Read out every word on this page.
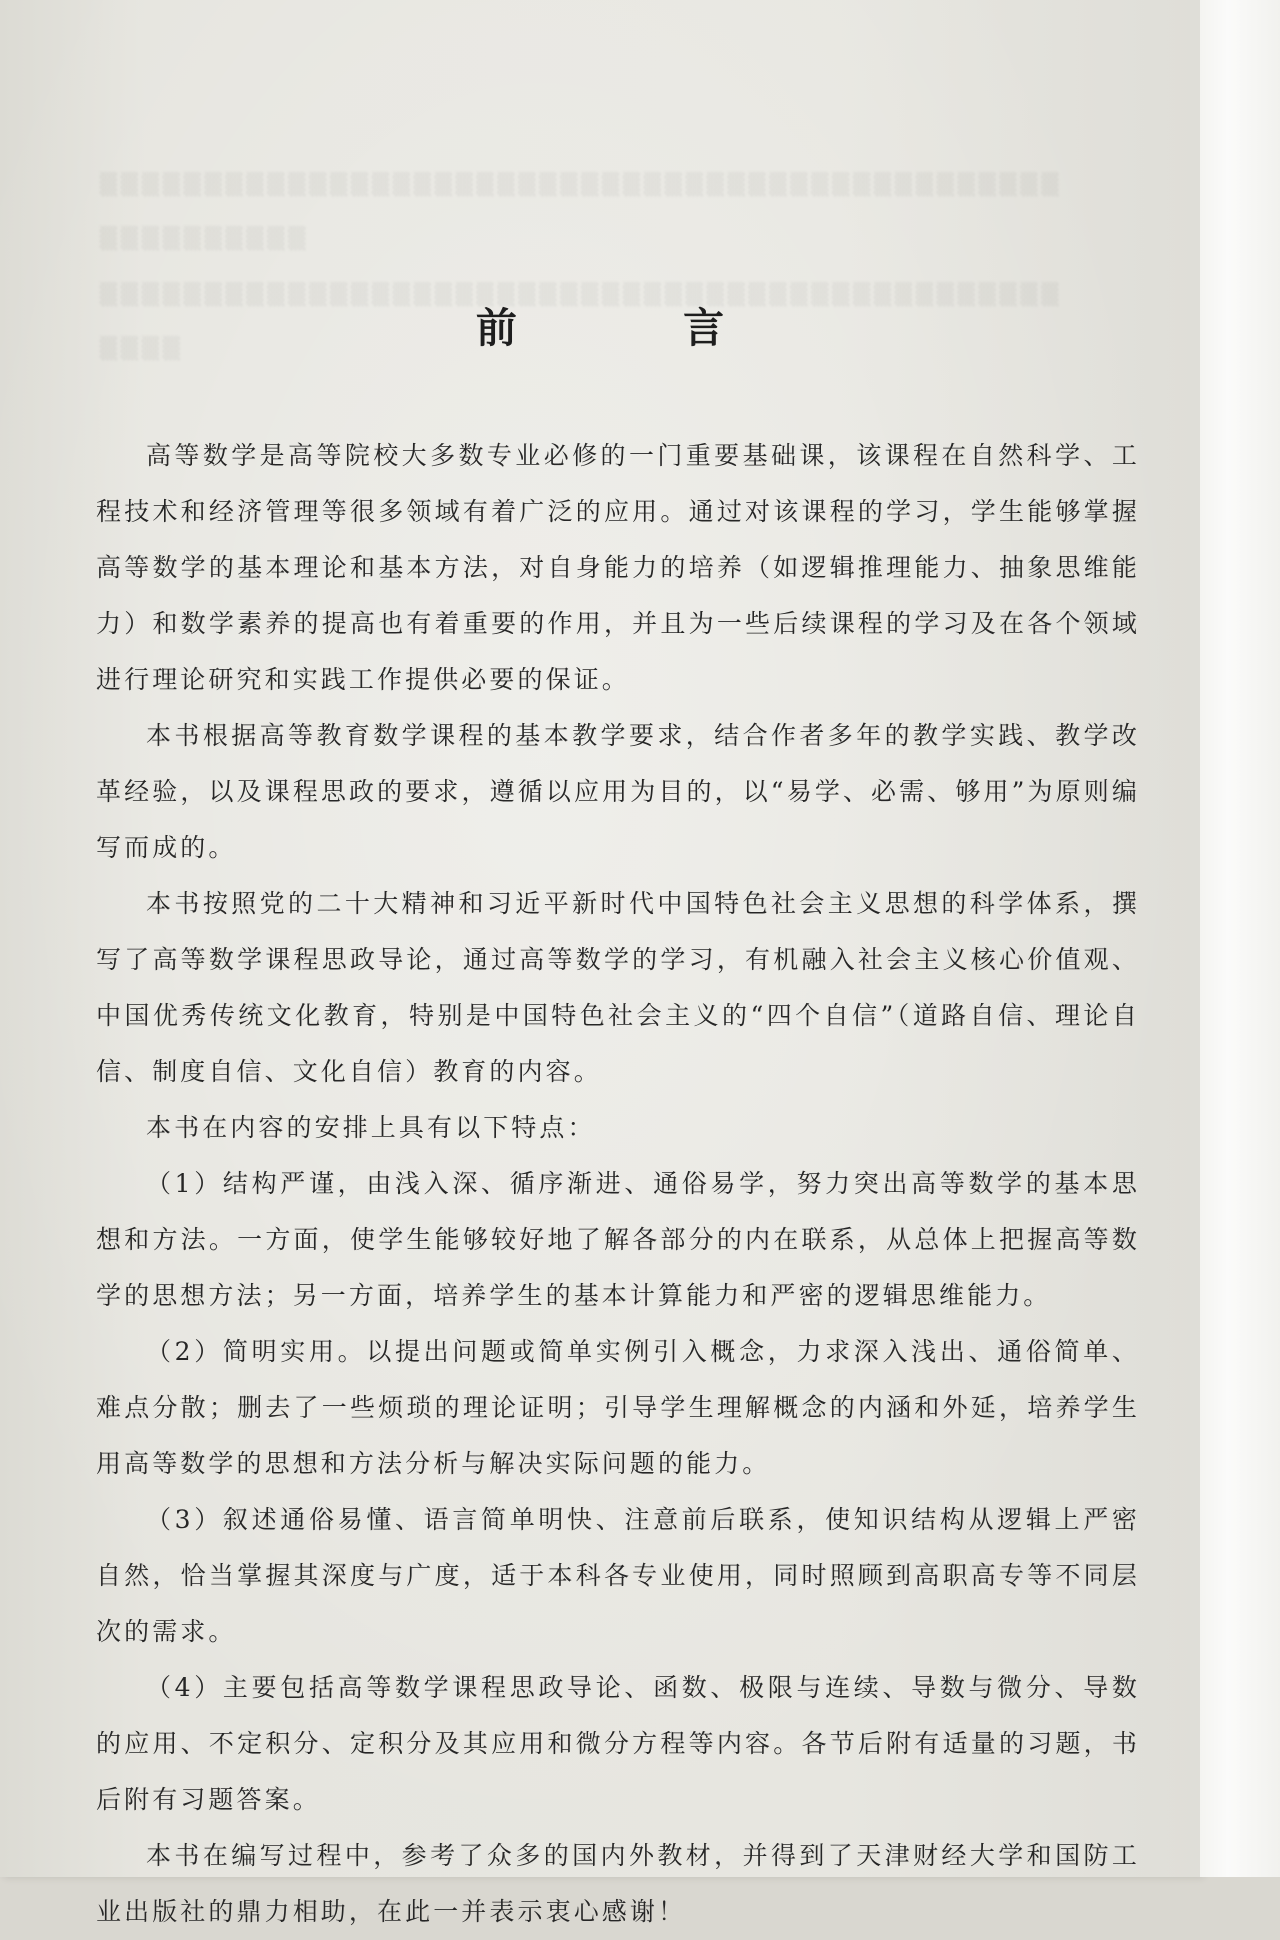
▒▒▒▒▒▒▒▒▒▒▒▒▒▒▒▒▒▒▒▒▒▒▒▒▒▒▒▒▒▒▒▒▒▒▒▒▒▒▒▒▒▒▒▒▒▒
▒▒▒▒▒▒▒▒▒▒
▒▒▒▒▒▒▒▒▒▒▒▒▒▒▒▒▒▒▒▒▒▒▒▒▒▒▒▒▒▒▒▒▒▒▒▒▒▒▒▒▒▒▒▒▒▒
▒▒▒▒	前 言

高等数学是高等院校大多数专业必修的一门重要基础课，该课程在自然科学、工程技术和经济管理等很多领域有着广泛的应用。通过对该课程的学习，学生能够掌握高等数学的基本理论和基本方法，对自身能力的培养（如逻辑推理能力、抽象思维能力）和数学素养的提高也有着重要的作用，并且为一些后续课程的学习及在各个领域进行理论研究和实践工作提供必要的保证。

本书根据高等教育数学课程的基本教学要求，结合作者多年的教学实践、教学改革经验，以及课程思政的要求，遵循以应用为目的，以“易学、必需、够用”为原则编写而成的。

本书按照党的二十大精神和习近平新时代中国特色社会主义思想的科学体系，撰写了高等数学课程思政导论，通过高等数学的学习，有机融入社会主义核心价值观、中国优秀传统文化教育，特别是中国特色社会主义的“四个自信”（道路自信、理论自信、制度自信、文化自信）教育的内容。

本书在内容的安排上具有以下特点：

（1）结构严谨，由浅入深、循序渐进、通俗易学，努力突出高等数学的基本思想和方法。一方面，使学生能够较好地了解各部分的内在联系，从总体上把握高等数学的思想方法；另一方面，培养学生的基本计算能力和严密的逻辑思维能力。

（2）简明实用。以提出问题或简单实例引入概念，力求深入浅出、通俗简单、难点分散；删去了一些烦琐的理论证明；引导学生理解概念的内涵和外延，培养学生用高等数学的思想和方法分析与解决实际问题的能力。

（3）叙述通俗易懂、语言简单明快、注意前后联系，使知识结构从逻辑上严密自然，恰当掌握其深度与广度，适于本科各专业使用，同时照顾到高职高专等不同层次的需求。

（4）主要包括高等数学课程思政导论、函数、极限与连续、导数与微分、导数的应用、不定积分、定积分及其应用和微分方程等内容。各节后附有适量的习题，书后附有习题答案。

本书在编写过程中，参考了众多的国内外教材，并得到了天津财经大学和国防工业出版社的鼎力相助，在此一并表示衷心感谢！
